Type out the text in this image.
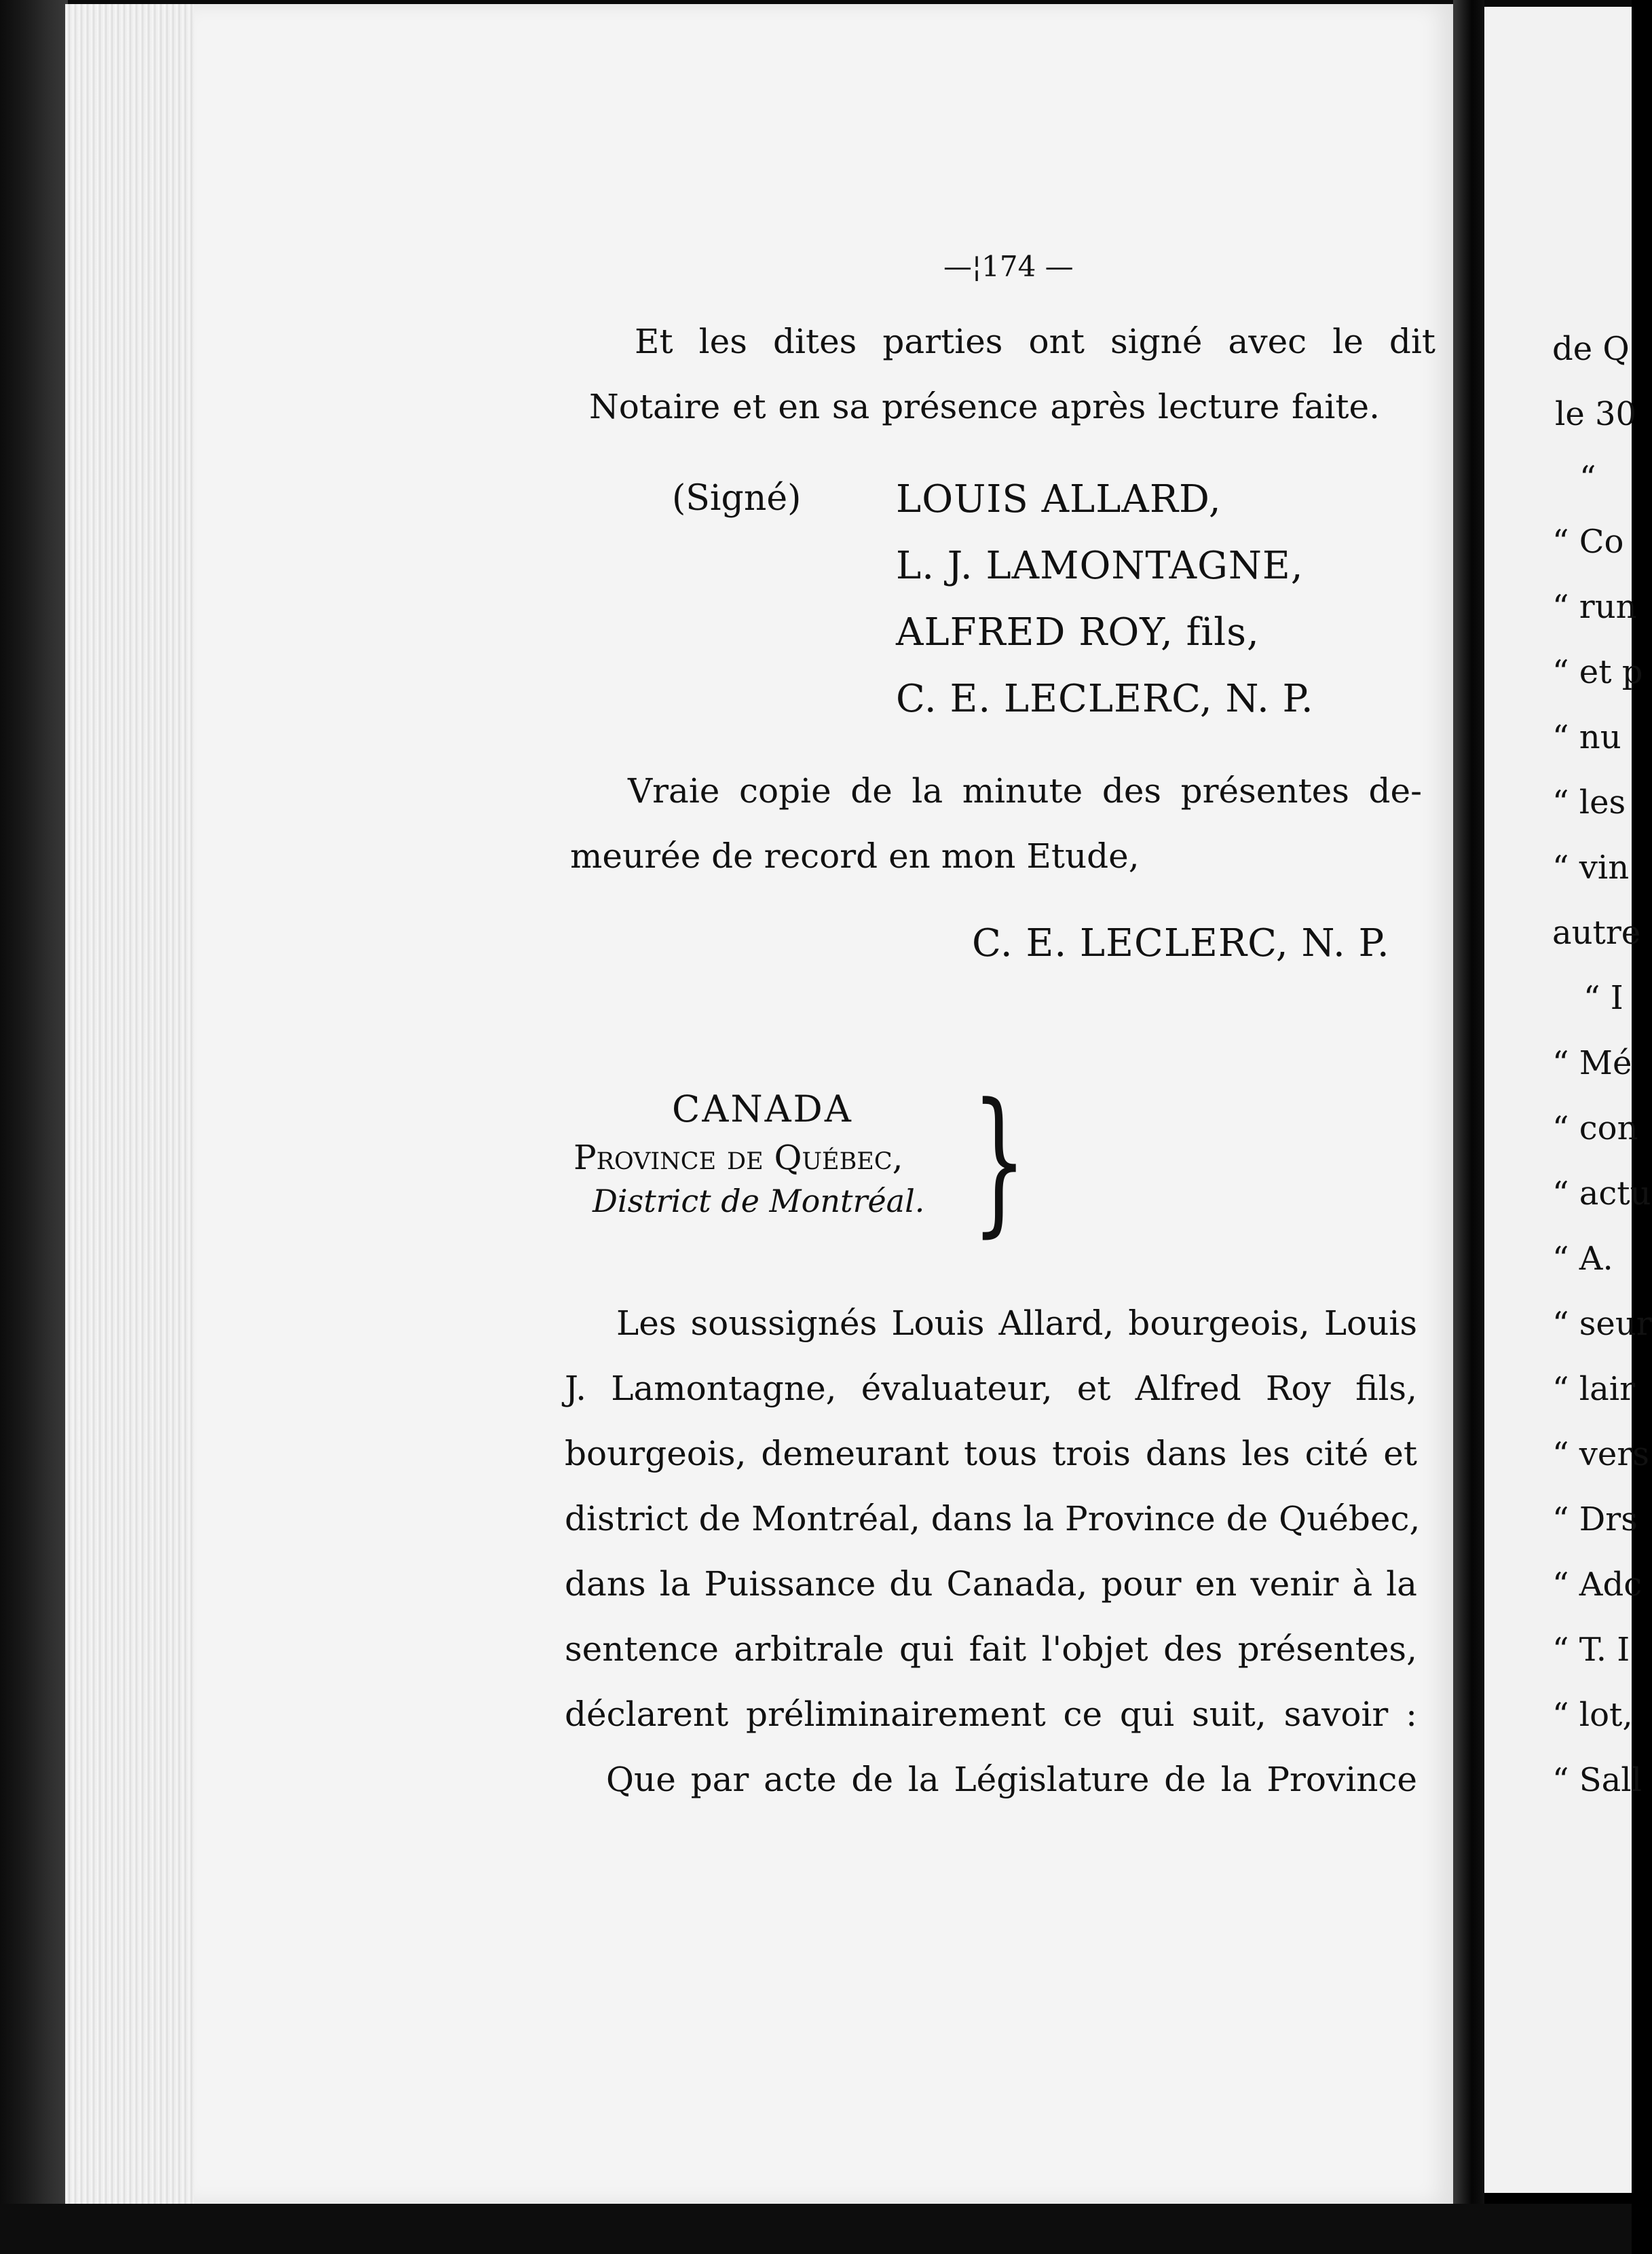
—¦174 —
Et les dites parties ont signé avec le dit
Notaire et en sa présence après lecture faite.
(Signé) LOUIS ALLARD,
L. J. LAMONTAGNE,
ALFRED ROY, fils,
C. E. LECLERC, N. P.
Vraie copie de la minute des présentes de-
meurée de record en mon Etude,
C. E. LECLERC, N. P.
CANADA
Province de Québec,
District de Montréal. }
Les soussignés Louis Allard, bourgeois, Louis
J. Lamontagne, évaluateur, et Alfred Roy fils,
bourgeois, demeurant tous trois dans les cité et
district de Montréal, dans la Province de Québec,
dans la Puissance du Canada, pour en venir à la
sentence arbitrale qui fait l'objet des présentes,
déclarent préliminairement ce qui suit, savoir :
Que par acte de la Législature de la Province
de Q
le 30
“
“ Co
“ run
“ et p
“ nu
“ les
“ vin
autre
“ I
“ Mé
“ con
“ actu
“ A.
“ seur
“ lair
“ vers
“ Drs
“ Adc
“ T. I
“ lot,
“ Sall
